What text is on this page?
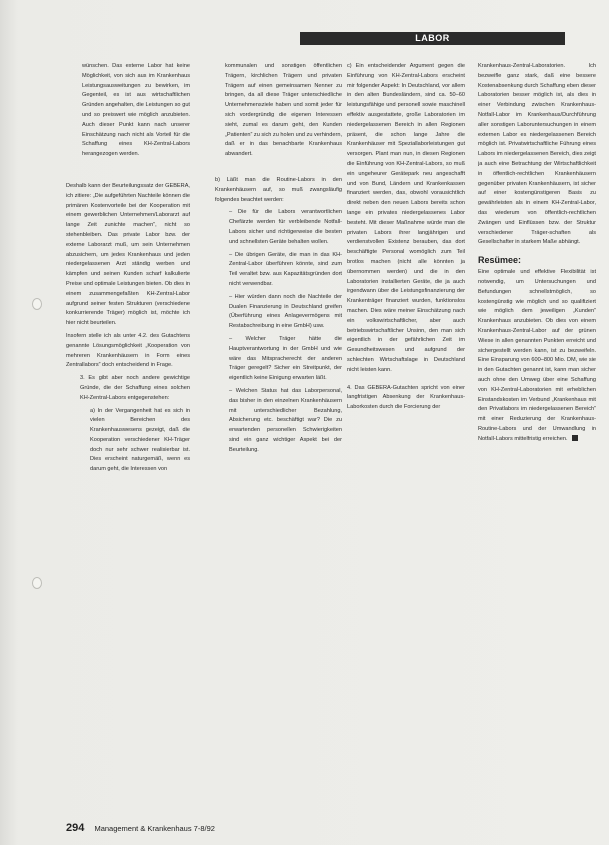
LABOR

wünschen. Das externe Labor hat keine Möglichkeit, von sich aus im Krankenhaus Leistungsausweitungen zu bewirken, im Gegenteil, es ist aus wirtschaftlichen Gründen angehalten, die Leistungen so gut und so preiswert wie möglich anzubieten. Auch dieser Punkt kann nach unserer Einschätzung nach nicht als Vorteil für die Schaffung eines KH-Zentral-Labors herangezogen werden.

Deshalb kann der Beurteilungssatz der GEBERA, ich zitiere: „Die aufgeführten Nachteile können die primären Kostenvorteile bei der Kooperation mit einem gewerblichen Unternehmen/Laborarzt auf lange Zeit zunichte machen”, nicht so stehenbleiben. Das private Labor bzw. der externe Laborarzt muß, um sein Unternehmen abzusichern, um jedes Krankenhaus und jeden niedergelassenen Arzt ständig werben und kämpfen und seinen Kunden scharf kalkulierte Preise und optimale Leistungen bieten. Ob dies in einem zusammengefaßten KH-Zentral-Labor aufgrund seiner festen Strukturen (verschiedene konkurrierende Träger) möglich ist, möchte ich hier nicht beurteilen.

Insofern stelle ich als unter 4.2. des Gutachtens genannte Lösungsmöglichkeit „Kooperation von mehreren Krankenhäusern in Form eines Zentrallabors” doch entscheidend in Frage.

3. Es gibt aber noch andere gewichtige Gründe, die der Schaffung eines solchen KH-Zentral-Labors entgegenstehen:

a) In der Vergangenheit hat es sich in vielen Bereichen des Krankenhauswesens gezeigt, daß die Kooperation verschiedener KH-Träger doch nur sehr schwer realisierbar ist. Dies erscheint naturgemäß, wenn es darum geht, die Interessen von

kommunalen und sonstigen öffentlichen Trägern, kirchlichen Trägern und privaten Trägern auf einen gemeinsamen Nenner zu bringen, da all diese Träger unterschiedliche Unternehmensziele haben und somit jeder für sich vordergründig die eigenen Interessen sieht, zumal es darum geht, den Kunden „Patienten” zu sich zu holen und zu verhindern, daß er in das benachbarte Krankenhaus abwandert.

b) Läßt man die Routine-Labors in den Krankenhäusern auf, so muß zwangsläufig folgendes beachtet werden:

– Die für die Labors verantwortlichen Chefärzte werden für verbleibende Notfall-Labors sicher und richtigerweise die besten und schnellsten Geräte behalten wollen.

– Die übrigen Geräte, die man in das KH-Zentral-Labor überführen könnte, sind zum Teil veraltet bzw. aus Kapazitätsgründen dort nicht verwendbar.

– Hier würden dann noch die Nachteile der Dualen Finanzierung in Deutschland greifen (Überführung eines Anlagevermögens mit Restabschreibung in eine GmbH) usw.

– Welcher Träger hätte die Hauptverantwortung in der GmbH und wie wäre das Mitspracherecht der anderen Träger geregelt? Sicher ein Streitpunkt, der eigentlich keine Einigung erwarten läßt.

– Welchen Status hat das Laborpersonal, das bisher in den einzelnen Krankenhäusern mit unterschiedlicher Bezahlung, Absicherung etc. beschäftigt war? Die zu erwartenden personellen Schwierigkeiten sind ein ganz wichtiger Aspekt bei der Beurteilung.

c) Ein entscheidender Argument gegen die Einführung von KH-Zentral-Labors erscheint mir folgender Aspekt: In Deutschland, vor allem in den alten Bundesländern, sind ca. 50–60 leistungsfähige und personell sowie maschinell effektiv ausgestattete, große Laboratorien im niedergelassenen Bereich in allen Regionen präsent, die schon lange Jahre die Krankenhäuser mit Speziallaborleistungen gut versorgen. Plant man nun, in diesen Regionen die Einführung von KH-Zentral-Labors, so muß ein ungeheurer Gerätepark neu angeschafft und von Bund, Ländern und Krankenkassen finanziert werden, das, obwohl vorausichtlich direkt neben den neuen Labors bereits schon lange ein privates niedergelassenes Labor besteht. Mit dieser Maßnahme würde man die privaten Labors ihrer langjährigen und verdienstvollen Existenz berauben, das dort beschäftigte Personal womöglich zum Teil brotlos machen (nicht alle könnten ja übernommen werden) und die in den Laboratorien installierten Geräte, die ja auch irgendwann über die Leistungsfinanzierung der Krankenträger finanziert wurden, funktionslos machen. Dies wäre meiner Einschätzung nach ein volkswirtschaftlicher, aber auch betriebswirtschaftlicher Unsinn, den man sich eigentlich in der gefährlichen Zeit im Gesundheitswesen und aufgrund der schlechten Wirtschaftslage in Deutschland nicht leisten kann.

4. Das GEBERA-Gutachten spricht von einer langfristigen Absenkung der Krankenhaus-Laborkosten durch die Forcierung der

Krankenhaus-Zentral-Laboratorien. Ich bezweifle ganz stark, daß eine bessere Kostenabsenkung durch Schaffung eben dieser Laboratorien besser möglich ist, als dies in einer Verbindung zwischen Krankenhaus-Notfall-Labor im Krankenhaus/Durchführung aller sonstigen Laboruntersuchungen in einem externen Labor es niedergelassenen Bereich möglich ist. Privatwirtschaftliche Führung eines Labors im niedergelassenen Bereich, dies zeigt ja auch eine Betrachtung der Wirtschaftlichkeit in öffentlich-rechtlichen Krankenhäusern gegenüber privaten Krankenhäusern, ist sicher auf einer kostengünstigeren Basis zu gewährleisten als in einem KH-Zentral-Labor, das wiederum von öffentlich-rechtlichen Zwängen und Einflüssen bzw. der Struktur verschiedener Träger-schaften als Gesellschafter in starkem Maße abhängt.

Resümee:

Eine optimale und effektive Flexibilität ist notwendig, um Untersuchungen und Befundungen schnellstmöglich, so kostengünstig wie möglich und so qualifiziert wie möglich dem jeweiligen „Kunden” Krankenhaus anzubieten. Ob dies von einem Krankenhaus-Zentral-Labor auf der grünen Wiese in allen genannten Punkten erreicht und sichergestellt werden kann, ist zu bezweifeln. Eine Einsparung von 600–800 Mio. DM, wie sie in den Gutachten genannt ist, kann man sicher auch ohne den Umweg über eine Schaffung von KH-Zentral-Laboratorien mit erheblichen Einstandskosten im Verbund „Krankenhaus mit den Privatlabors im niedergelassenen Bereich” mit einer Reduzierung der Krankenhaus-Routine-Labors und der Umwandlung in Notfall-Labors mittelfristig erreichen.

294 Management & Krankenhaus 7-8/92
